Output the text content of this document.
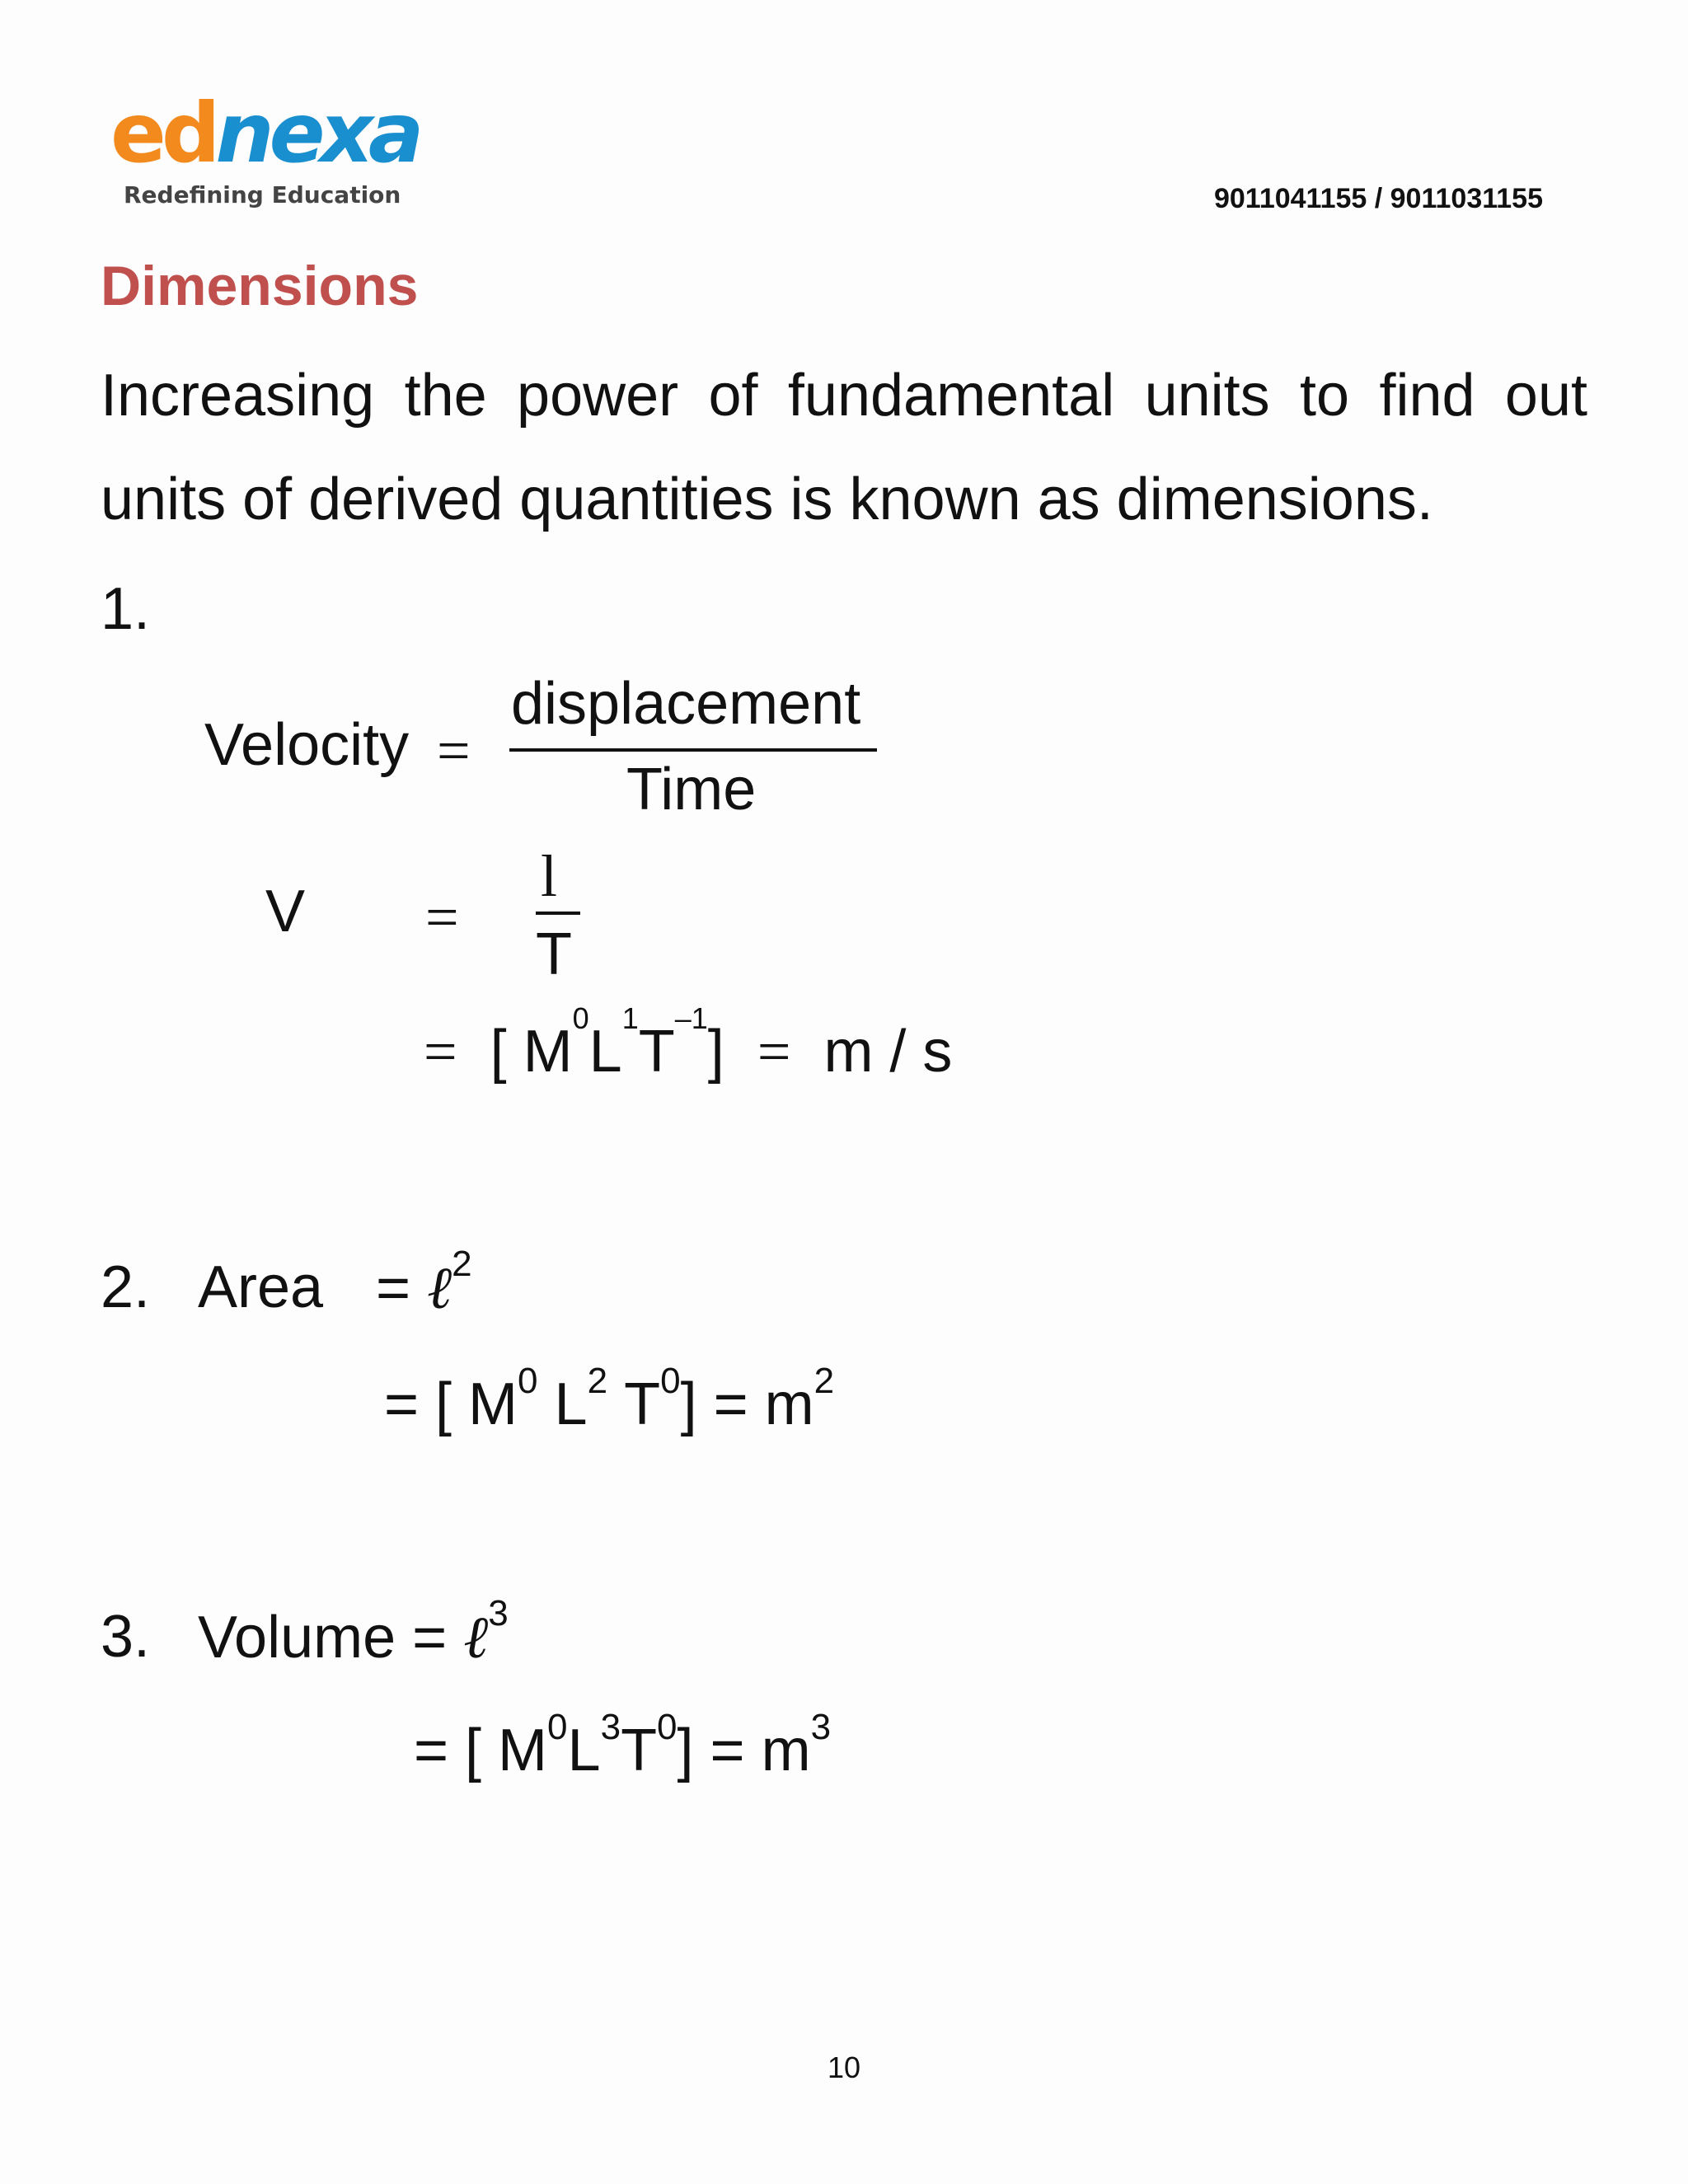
ednexa
Redefining Education	9011041155 / 9011031155
Dimensions
Increasing the power of fundamental units to find out
units of derived quantities is known as dimensions.
1.
Velocity =
displacement
Time
V =
l
T
= [ $M^0L^1T^{-1}] = m / s$
2. Area = ℓ$^2$
= [ $M^0$ $L^2$ $T^0] = m^2$
3. Volume = ℓ$^3$
= [ $M^0L^3T^0] = m^3$
10
